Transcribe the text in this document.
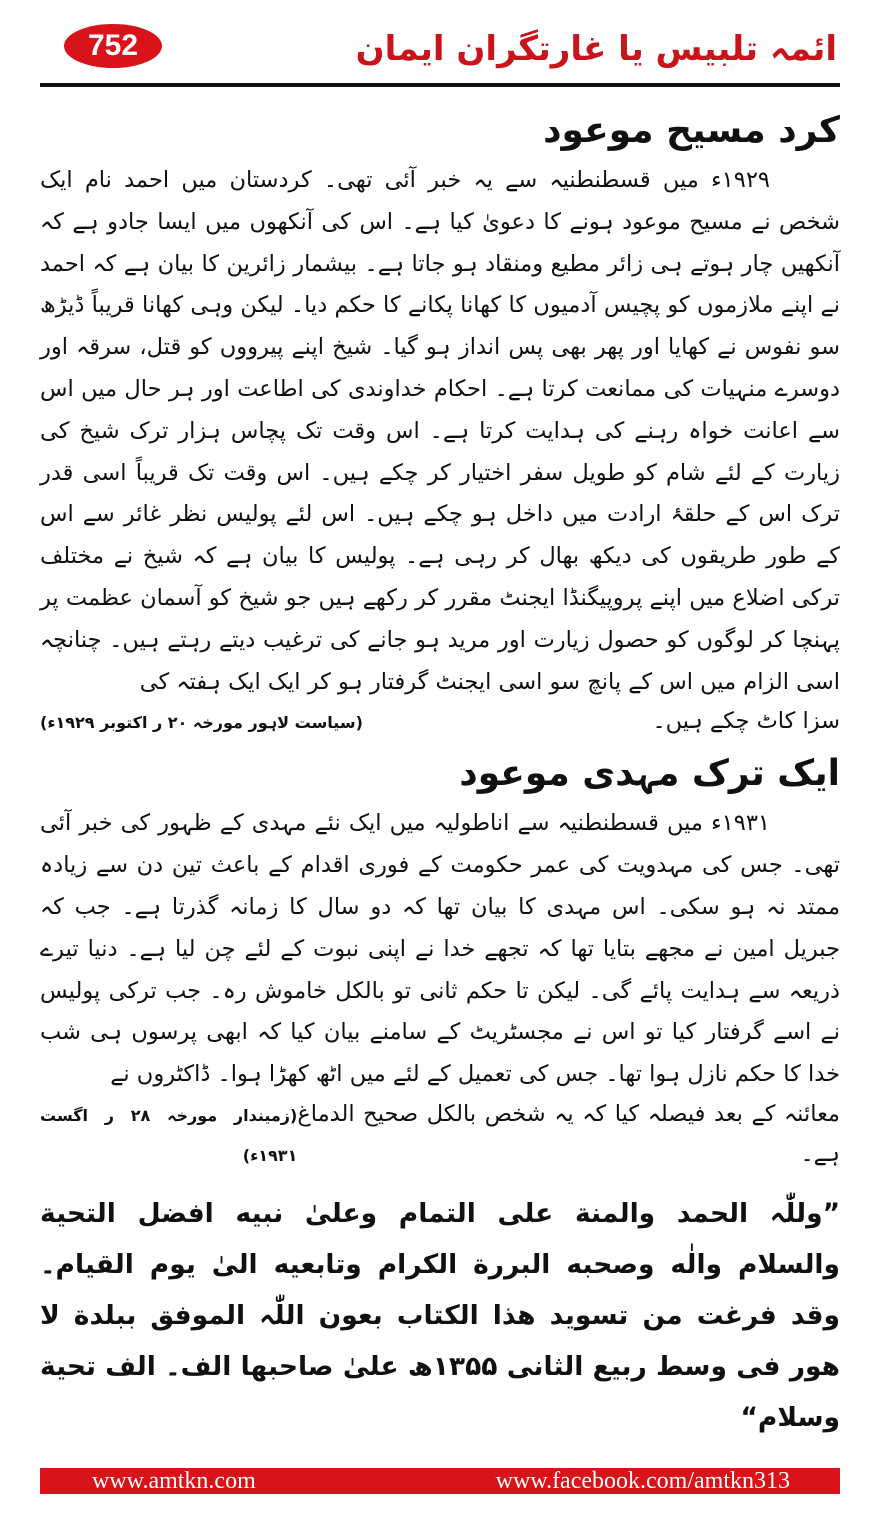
752	ائمہ تلبیس یا غارتگران ایمان
کرد مسیح موعود

۱۹۲۹ء میں قسطنطنیہ سے یہ خبر آئی تھی۔ کردستان میں احمد نام ایک شخص نے مسیح موعود ہونے کا دعویٰ کیا ہے۔ اس کی آنکھوں میں ایسا جادو ہے کہ آنکھیں چار ہوتے ہی زائر مطیع ومنقاد ہو جاتا ہے۔ بیشمار زائرین کا بیان ہے کہ احمد نے اپنے ملازموں کو پچیس آدمیوں کا کھانا پکانے کا حکم دیا۔ لیکن وہی کھانا قریباً ڈیڑھ سو نفوس نے کھایا اور پھر بھی پس انداز ہو گیا۔ شیخ اپنے پیرووں کو قتل، سرقہ اور دوسرے منہیات کی ممانعت کرتا ہے۔ احکام خداوندی کی اطاعت اور ہر حال میں اس سے اعانت خواہ رہنے کی ہدایت کرتا ہے۔ اس وقت تک پچاس ہزار ترک شیخ کی زیارت کے لئے شام کو طویل سفر اختیار کر چکے ہیں۔ اس وقت تک قریباً اسی قدر ترک اس کے حلقۂ ارادت میں داخل ہو چکے ہیں۔ اس لئے پولیس نظر غائر سے اس کے طور طریقوں کی دیکھ بھال کر رہی ہے۔ پولیس کا بیان ہے کہ شیخ نے مختلف ترکی اضلاع میں اپنے پروپیگنڈا ایجنٹ مقرر کر رکھے ہیں جو شیخ کو آسمان عظمت پر پہنچا کر لوگوں کو حصول زیارت اور مرید ہو جانے کی ترغیب دیتے رہتے ہیں۔ چنانچہ اسی الزام میں اس کے پانچ سو اسی ایجنٹ گرفتار ہو کر ایک ایک ہفتہ کی

سزا کاٹ چکے ہیں۔
(سیاست لاہور مورخہ ۲۰ ر اکتوبر ۱۹۲۹ء)
ایک ترک مہدی موعود

۱۹۳۱ء میں قسطنطنیہ سے اناطولیہ میں ایک نئے مہدی کے ظہور کی خبر آئی تھی۔ جس کی مہدویت کی عمر حکومت کے فوری اقدام کے باعث تین دن سے زیادہ ممتد نہ ہو سکی۔ اس مہدی کا بیان تھا کہ دو سال کا زمانہ گذرتا ہے۔ جب کہ جبریل امین نے مجھے بتایا تھا کہ تجھے خدا نے اپنی نبوت کے لئے چن لیا ہے۔ دنیا تیرے ذریعہ سے ہدایت پائے گی۔ لیکن تا حکم ثانی تو بالکل خاموش رہ۔ جب ترکی پولیس نے اسے گرفتار کیا تو اس نے مجسٹریٹ کے سامنے بیان کیا کہ ابھی پرسوں ہی شب خدا کا حکم نازل ہوا تھا۔ جس کی تعمیل کے لئے میں اٹھ کھڑا ہوا۔ ڈاکٹروں نے

معائنہ کے بعد فیصلہ کیا کہ یہ شخص بالکل صحیح الدماغ ہے۔
(زمیندار مورخہ ۲۸ ر اگست ۱۹۳۱ء)

”وللّٰہ الحمد والمنة علی التمام وعلیٰ نبیه افضل التحیة والسلام والٰه وصحبه البررة الکرام وتابعیه الیٰ یوم القیام۔ وقد فرغت من تسوید ھذا الکتاب بعون اللّٰہ الموفق ببلدة لا ھور فی وسط ربیع الثانی ۱۳۵۵ھ علیٰ صاحبھا الف۔ الف تحیة وسلام“

www.amtkn.com	www.facebook.com/amtkn313
